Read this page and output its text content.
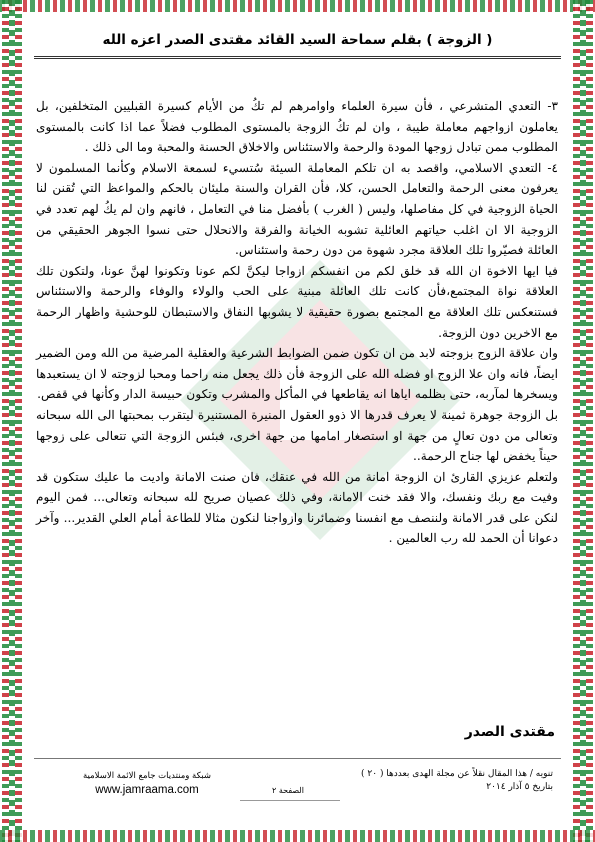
( الزوجة ) بقلم سماحة السيد القائد مقتدى الصدر اعزه الله

٣- التعدي المتشرعي ، فأن سيرة العلماء واوامرهم لم تكُ من الأيام كسيرة القبليين المتخلفين، بل يعاملون ازواجهم معاملة طيبة ، وان لم تكُ الزوجة بالمستوى المطلوب فضلاً عما اذا كانت بالمستوى المطلوب ممن تبادل زوجها المودة والرحمة والاستئناس والاخلاق الحسنة والمحبة وما الى ذلك .

٤- التعدي الاسلامي، واقصد به ان تلكم المعاملة السيئة سُتسيء لسمعة الاسلام وكأنما المسلمون لا يعرفون معنى الرحمة والتعامل الحسن، كلا، فأن القران والسنة مليئان بالحكم والمواعظ التي تُقنن لنا الحياة الزوجية في كل مفاصلها، وليس ( الغرب ) بأفضل منا في التعامل ، فانهم وان لم يكُ لهم تعدد في الزوجية الا ان اغلب حياتهم العائلية تشوبه الخيانة والفرقة والانحلال حتى نسوا الجوهر الحقيقي من العائلة فصيّروا تلك العلاقة مجرد شهوة من دون رحمة واستئناس.

فيا ايها الاخوة ان الله قد خلق لكم من انفسكم ازواجا ليكنَّ لكم عونا وتكونوا لهنَّ عونا، ولتكون تلك العلاقة نواة المجتمع،فأن كانت تلك العائلة مبنية على الحب والولاء والوفاء والرحمة والاستئناس فستنعكس تلك العلاقة مع المجتمع بصورة حقيقية لا يشوبها النفاق والاستبطان للوحشية واظهار الرحمة مع الاخرين دون الزوجة.

وان علاقة الزوج بزوجته لابد من ان تكون ضمن الضوابط الشرعية والعقلية المرضية من الله ومن الضمير ايضاً، فانه وان علا الزوج او فضله الله على الزوجة فأن ذلك يجعل منه راحما ومحبا لزوجته لا ان يستعبدها ويسخرها لمآربه، حتى بظلمه اياها انه يقاطعها في المأكل والمشرب وتكون حبيسة الدار وكأنها في قفص.

بل الزوجة جوهرة ثمينة لا يعرف قدرها الا ذوو العقول المنيرة المستنيرة ليتقرب بمحبتها الى الله سبحانه وتعالى من دون تعالٍ من جهة او استصغار امامها من جهة اخرى، فبئس الزوجة التي تتعالى على زوجها حيناً يخفض لها جناح الرحمة..

ولتعلم عزيزي القارئ ان الزوجة امانة من الله في عنقك، فان صنت الامانة واديت ما عليك ستكون قد وفيت مع ربك ونفسك، والا فقد خنت الامانة، وفي ذلك عصيان صريح لله سبحانه وتعالى... فمن اليوم لنكن على قدر الامانة ولننصف مع انفسنا وضمائرنا وازواجنا لنكون مثالا للطاعة أمام العلي القدير... وآخر دعوانا أن الحمد لله رب العالمين .

مقتدى الصدر
تنويه / هذا المقال نقلاً عن مجلة الهدى بعددها ( ٢٠ )
بتاريخ ٥ آذار ٢٠١٤
شبكة ومنتديات جامع الائمة الاسلامية
www.jamraama.com	الصفحة ٢
